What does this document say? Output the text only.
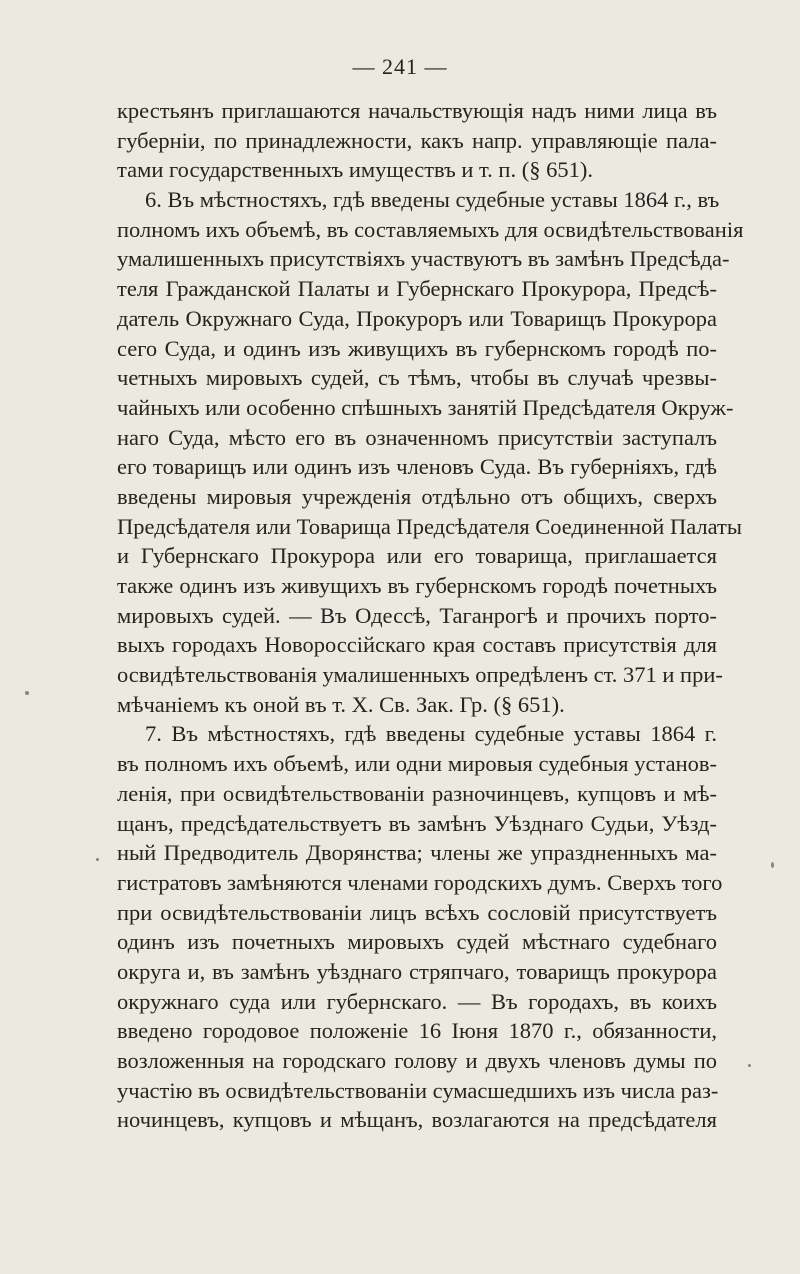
— 241 —
крестьянъ приглашаются начальствующія надъ ними лица въ
губерніи, по принадлежности, какъ напр. управляющіе пала-
тами государственныхъ имуществъ и т. п. (§ 651).
6. Въ мѣстностяхъ, гдѣ введены судебные уставы 1864 г., въ
полномъ ихъ объемѣ, въ составляемыхъ для освидѣтельствованія
умалишенныхъ присутствіяхъ участвуютъ въ замѣнъ Предсѣда-
теля Гражданской Палаты и Губернскаго Прокурора, Предсѣ-
датель Окружнаго Суда, Прокуроръ или Товарищъ Прокурора
сего Суда, и одинъ изъ живущихъ въ губернскомъ городѣ по-
четныхъ мировыхъ судей, съ тѣмъ, чтобы въ случаѣ чрезвы-
чайныхъ или особенно спѣшныхъ занятій Предсѣдателя Окруж-
наго Суда, мѣсто его въ означенномъ присутствіи заступалъ
его товарищъ или одинъ изъ членовъ Суда. Въ губерніяхъ, гдѣ
введены мировыя учрежденія отдѣльно отъ общихъ, сверхъ
Предсѣдателя или Товарища Предсѣдателя Соединенной Палаты
и Губернскаго Прокурора или его товарища, приглашается
также одинъ изъ живущихъ въ губернскомъ городѣ почетныхъ
мировыхъ судей. — Въ Одессѣ, Таганрогѣ и прочихъ порто-
выхъ городахъ Новороссійскаго края составъ присутствія для
освидѣтельствованія умалишенныхъ опредѣленъ ст. 371 и при-
мѣчаніемъ къ оной въ т. X. Св. Зак. Гр. (§ 651).
7. Въ мѣстностяхъ, гдѣ введены судебные уставы 1864 г.
въ полномъ ихъ объемѣ, или одни мировыя судебныя установ-
ленія, при освидѣтельствованіи разночинцевъ, купцовъ и мѣ-
щанъ, предсѣдательствуетъ въ замѣнъ Уѣзднаго Судьи, Уѣзд-
ный Предводитель Дворянства; члены же упраздненныхъ ма-
гистратовъ замѣняются членами городскихъ думъ. Сверхъ того
при освидѣтельствованіи лицъ всѣхъ сословій присутствуетъ
одинъ изъ почетныхъ мировыхъ судей мѣстнаго судебнаго
округа и, въ замѣнъ уѣзднаго стряпчаго, товарищъ прокурора
окружнаго суда или губернскаго. — Въ городахъ, въ коихъ
введено городовое положеніе 16 Іюня 1870 г., обязанности,
возложенныя на городскаго голову и двухъ членовъ думы по
участію въ освидѣтельствованіи сумасшедшихъ изъ числа раз-
ночинцевъ, купцовъ и мѣщанъ, возлагаются на предсѣдателя
